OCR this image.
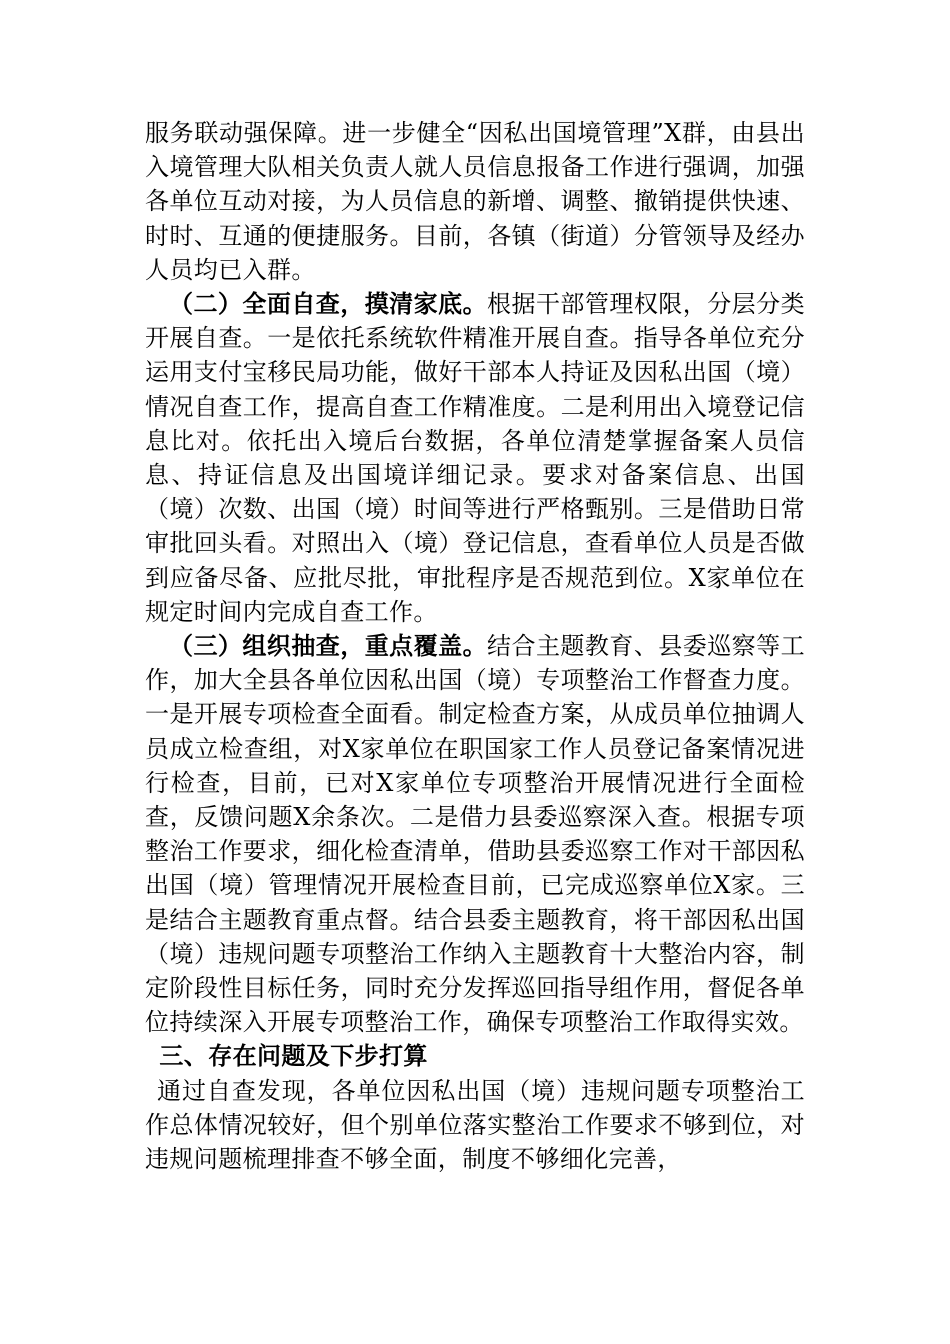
服务联动强保障。进一步健全“因私出国境管理”X群，由县出入境管理大队相关负责人就人员信息报备工作进行强调，加强各单位互动对接，为人员信息的新增、调整、撤销提供快速、时时、互通的便捷服务。目前，各镇（街道）分管领导及经办人员均已入群。

（二）全面自查，摸清家底。根据干部管理权限，分层分类开展自查。一是依托系统软件精准开展自查。指导各单位充分运用支付宝移民局功能，做好干部本人持证及因私出国（境）情况自查工作，提高自查工作精准度。二是利用出入境登记信息比对。依托出入境后台数据，各单位清楚掌握备案人员信息、持证信息及出国境详细记录。要求对备案信息、出国（境）次数、出国（境）时间等进行严格甄别。三是借助日常审批回头看。对照出入（境）登记信息，查看单位人员是否做到应备尽备、应批尽批，审批程序是否规范到位。X家单位在规定时间内完成自查工作。

（三）组织抽查，重点覆盖。结合主题教育、县委巡察等工作，加大全县各单位因私出国（境）专项整治工作督查力度。一是开展专项检查全面看。制定检查方案，从成员单位抽调人员成立检查组，对X家单位在职国家工作人员登记备案情况进行检查，目前，已对X家单位专项整治开展情况进行全面检查，反馈问题X余条次。二是借力县委巡察深入查。根据专项整治工作要求，细化检查清单，借助县委巡察工作对干部因私出国（境）管理情况开展检查目前，已完成巡察单位X家。三是结合主题教育重点督。结合县委主题教育，将干部因私出国（境）违规问题专项整治工作纳入主题教育十大整治内容，制定阶段性目标任务，同时充分发挥巡回指导组作用，督促各单位持续深入开展专项整治工作，确保专项整治工作取得实效。

三、存在问题及下步打算

通过自查发现，各单位因私出国（境）违规问题专项整治工作总体情况较好，但个别单位落实整治工作要求不够到位，对违规问题梳理排查不够全面，制度不够细化完善，
